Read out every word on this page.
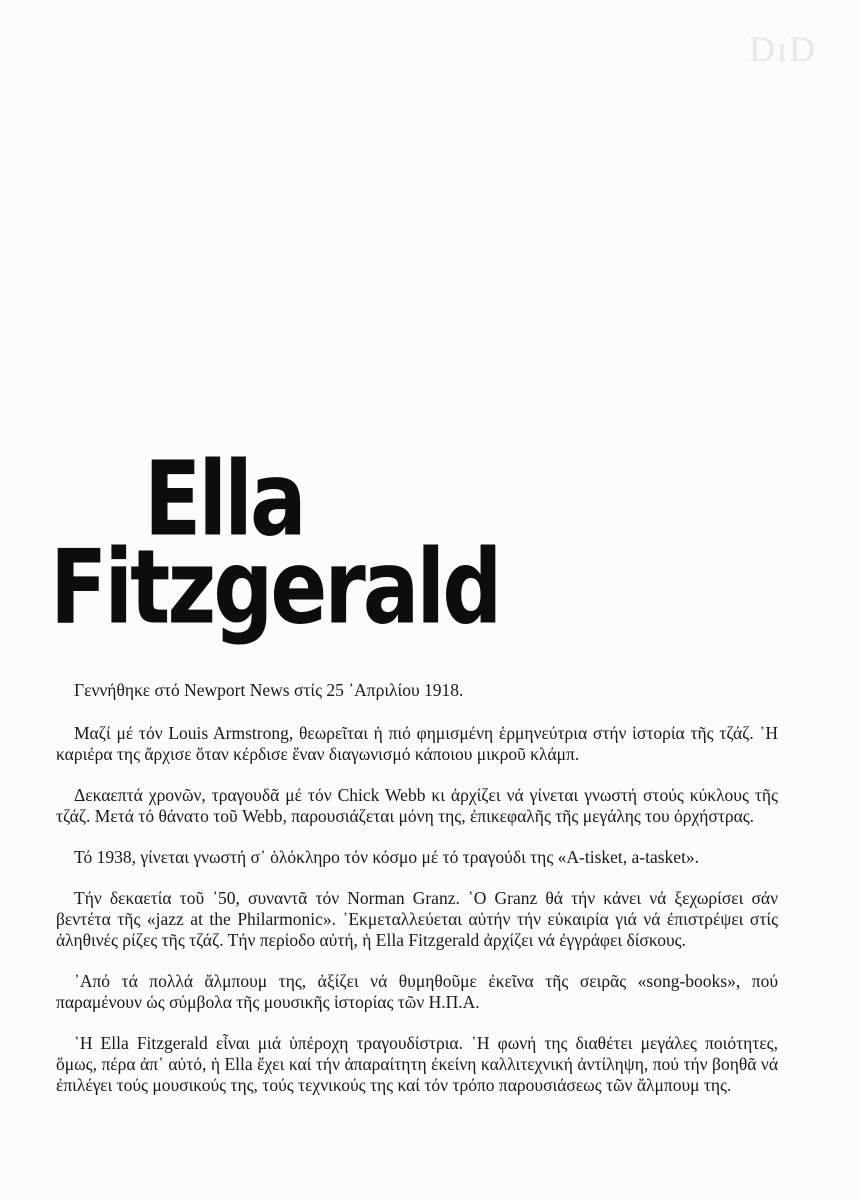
DɪD
Ella
Fitzgerald

Γεννήθηκε στό Newport News στίς 25 ᾿Απριλίου 1918.

Μαζί μέ τόν Louis Armstrong, θεωρεῖται ἡ πιό φημισμένη ἑρμηνεύτρια στήν ἱστορία τῆς τζάζ. ῾Η καριέρα της ἄρχισε ὅταν κέρδισε ἕναν διαγωνισμό κάποιου μικροῦ κλάμπ.

Δεκαεπτά χρονῶν, τραγουδᾶ μέ τόν Chick Webb κι ἀρχίζει νά γίνεται γνωστή στούς κύκλους τῆς τζάζ. Μετά τό θάνατο τοῦ Webb, παρουσιάζεται μόνη της, ἐπικεφαλῆς τῆς μεγάλης του ὀρχήστρας.

Τό 1938, γίνεται γνωστή σ᾿ ὁλόκληρο τόν κόσμο μέ τό τραγούδι της «A-tisket, a-tasket».

Τήν δεκαετία τοῦ ᾿50, συναντᾶ τόν Norman Granz. ῾Ο Granz θά τήν κάνει νά ξεχωρίσει σάν βεντέτα τῆς «jazz at the Philarmonic». ᾿Εκμεταλλεύεται αὐτήν τήν εὐκαιρία γιά νά ἐπιστρέψει στίς ἀληθινές ρίζες τῆς τζάζ. Τήν περίοδο αὐτή, ἡ Ella Fitzgerald ἀρχίζει νά ἐγγράφει δίσκους.

᾿Από τά πολλά ἄλμπουμ της, ἀξίζει νά θυμηθοῦμε ἐκεῖνα τῆς σειρᾶς «song-books», πού παραμένουν ὡς σύμβολα τῆς μουσικῆς ἱστορίας τῶν Η.Π.Α.

῾Η Ella Fitzgerald εἶναι μιά ὑπέροχη τραγουδίστρια. ῾Η φωνή της διαθέτει μεγάλες ποιότητες, ὅμως, πέρα ἀπ᾿ αὐτό, ἡ Ella ἔχει καί τήν ἀπαραίτητη ἐκείνη καλλιτεχνική ἀντίληψη, πού τήν βοηθᾶ νά ἐπιλέγει τούς μουσικούς της, τούς τεχνικούς της καί τόν τρόπο παρουσιάσεως τῶν ἄλμπουμ της.
